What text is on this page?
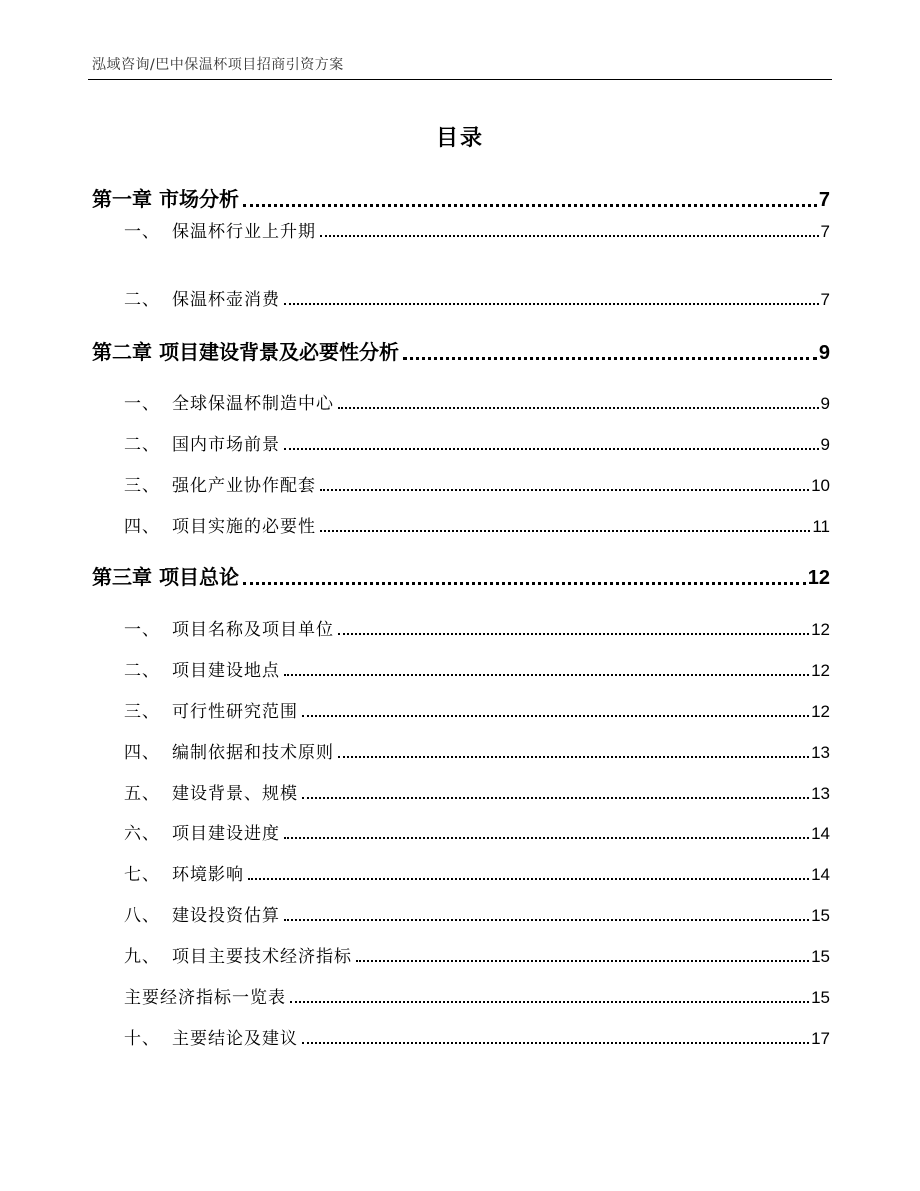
泓域咨询/巴中保温杯项目招商引资方案
目录
第一章 市场分析	7
一、 保温杯行业上升期	7
二、 保温杯壶消费	7
第二章 项目建设背景及必要性分析	9
一、 全球保温杯制造中心	9
二、 国内市场前景	9
三、 强化产业协作配套	10
四、 项目实施的必要性	11
第三章 项目总论	12
一、 项目名称及项目单位	12
二、 项目建设地点	12
三、 可行性研究范围	12
四、 编制依据和技术原则	13
五、 建设背景、规模	13
六、 项目建设进度	14
七、 环境影响	14
八、 建设投资估算	15
九、 项目主要技术经济指标	15
主要经济指标一览表	15
十、 主要结论及建议	17
